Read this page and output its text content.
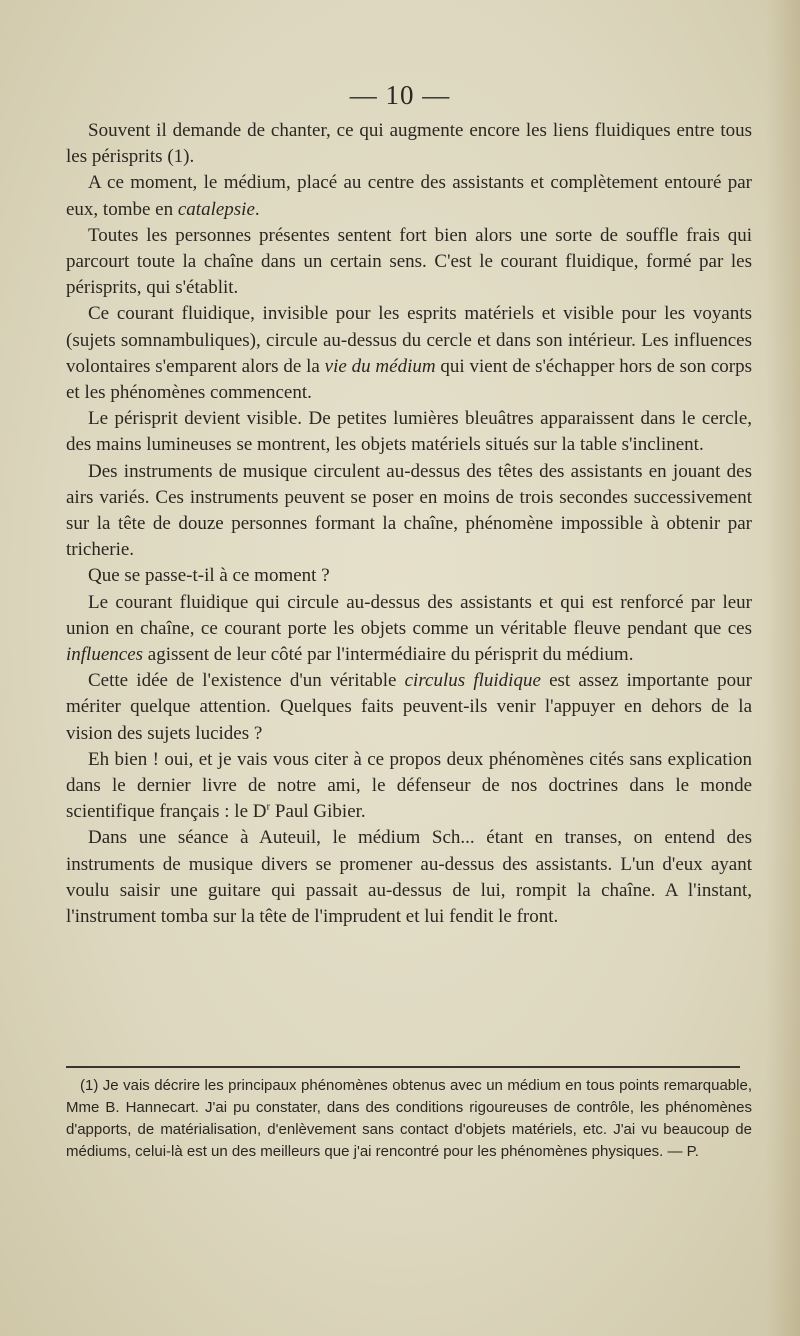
— 10 —

Souvent il demande de chanter, ce qui augmente encore les liens fluidiques entre tous les périsprits (1).

A ce moment, le médium, placé au centre des assistants et complètement entouré par eux, tombe en catalepsie.

Toutes les personnes présentes sentent fort bien alors une sorte de souffle frais qui parcourt toute la chaîne dans un certain sens. C'est le courant fluidique, formé par les périsprits, qui s'établit.

Ce courant fluidique, invisible pour les esprits matériels et visible pour les voyants (sujets somnambuliques), circule au-dessus du cercle et dans son intérieur. Les influences volontaires s'emparent alors de la vie du médium qui vient de s'échapper hors de son corps et les phénomènes commencent.

Le périsprit devient visible. De petites lumières bleuâtres apparaissent dans le cercle, des mains lumineuses se montrent, les objets matériels situés sur la table s'inclinent.

Des instruments de musique circulent au-dessus des têtes des assistants en jouant des airs variés. Ces instruments peuvent se poser en moins de trois secondes successivement sur la tête de douze personnes formant la chaîne, phénomène impossible à obtenir par tricherie.

Que se passe-t-il à ce moment ?

Le courant fluidique qui circule au-dessus des assistants et qui est renforcé par leur union en chaîne, ce courant porte les objets comme un véritable fleuve pendant que ces influences agissent de leur côté par l'intermédiaire du périsprit du médium.

Cette idée de l'existence d'un véritable circulus fluidique est assez importante pour mériter quelque attention. Quelques faits peuvent-ils venir l'appuyer en dehors de la vision des sujets lucides ?

Eh bien ! oui, et je vais vous citer à ce propos deux phénomènes cités sans explication dans le dernier livre de notre ami, le défenseur de nos doctrines dans le monde scientifique français : le $D^r$ Paul Gibier.

Dans une séance à Auteuil, le médium Sch... étant en transes, on entend des instruments de musique divers se promener au-dessus des assistants. L'un d'eux ayant voulu saisir une guitare qui passait au-dessus de lui, rompit la chaîne. A l'instant, l'instrument tomba sur la tête de l'imprudent et lui fendit le front.

(1) Je vais décrire les principaux phénomènes obtenus avec un médium en tous points remarquable, Mme B. Hannecart. J'ai pu constater, dans des conditions rigoureuses de contrôle, les phénomènes d'apports, de matérialisation, d'enlèvement sans contact d'objets matériels, etc. J'ai vu beaucoup de médiums, celui-là est un des meilleurs que j'ai rencontré pour les phénomènes physiques. — P.
